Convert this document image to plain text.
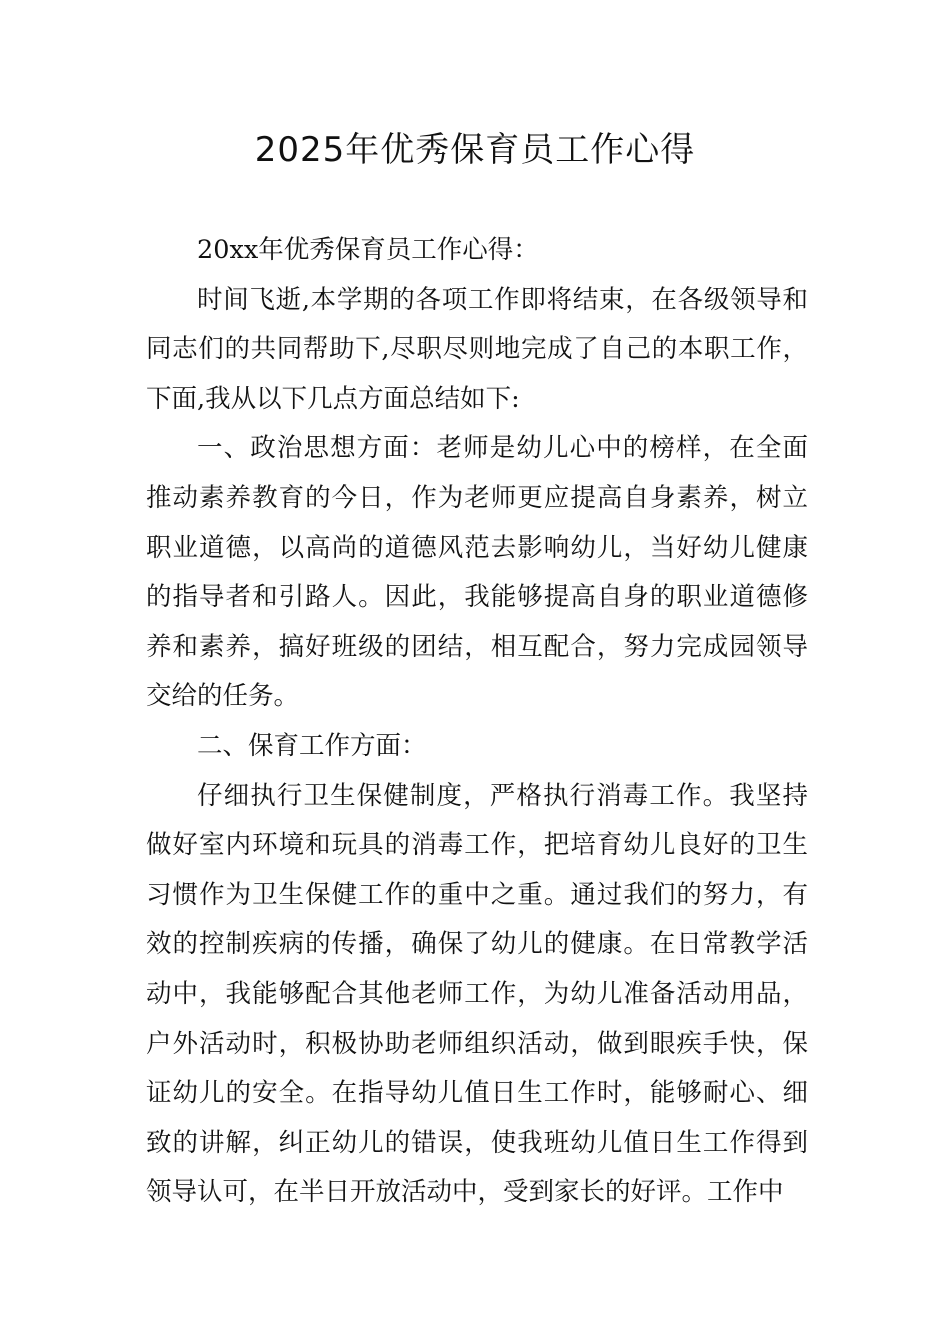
2025年优秀保育员工作心得

20xx年优秀保育员工作心得：

时间飞逝,本学期的各项工作即将结束，在各级领导和同志们的共同帮助下,尽职尽则地完成了自己的本职工作，下面,我从以下几点方面总结如下:

一、政治思想方面：老师是幼儿心中的榜样，在全面推动素养教育的今日，作为老师更应提高自身素养，树立职业道德，以高尚的道德风范去影响幼儿，当好幼儿健康的指导者和引路人。因此，我能够提高自身的职业道德修养和素养，搞好班级的团结，相互配合，努力完成园领导交给的任务。

二、保育工作方面：

仔细执行卫生保健制度，严格执行消毒工作。我坚持做好室内环境和玩具的消毒工作，把培育幼儿良好的卫生习惯作为卫生保健工作的重中之重。通过我们的努力，有效的控制疾病的传播，确保了幼儿的健康。在日常教学活动中，我能够配合其他老师工作，为幼儿准备活动用品，户外活动时，积极协助老师组织活动，做到眼疾手快，保证幼儿的安全。在指导幼儿值日生工作时，能够耐心、细致的讲解，纠正幼儿的错误，使我班幼儿值日生工作得到领导认可，在半日开放活动中，受到家长的好评。工作中
